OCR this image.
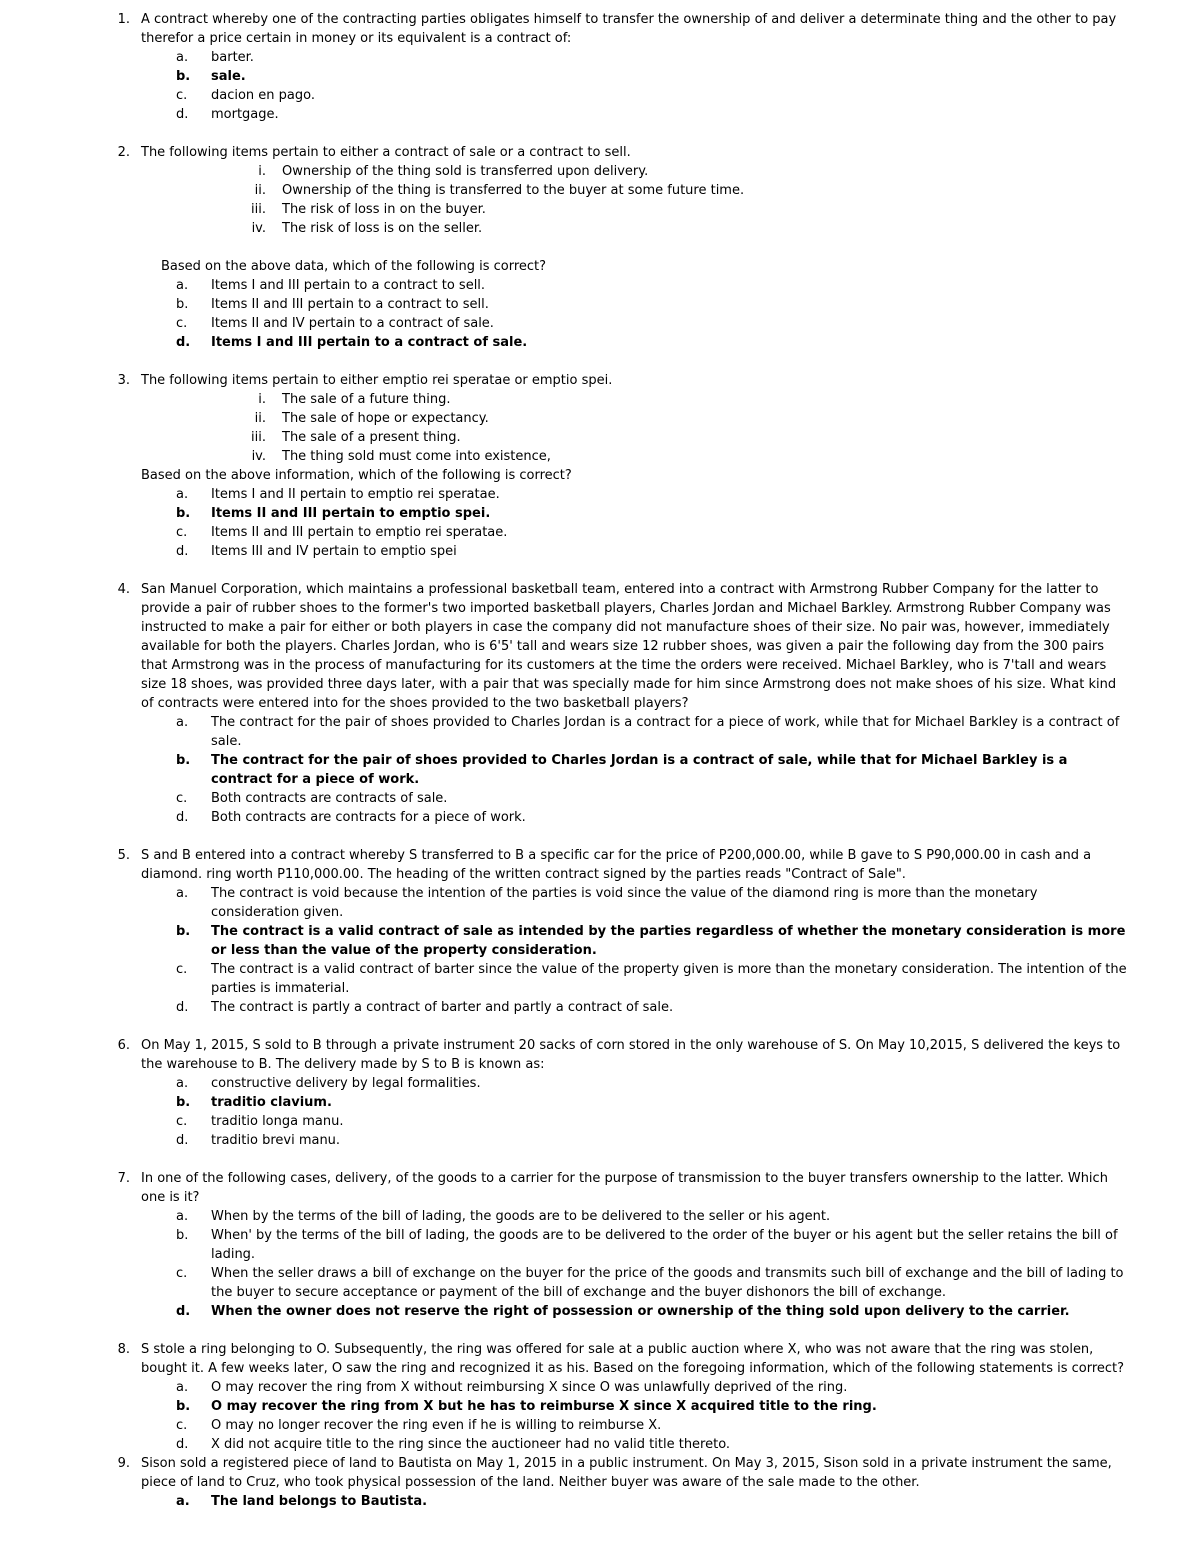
1. A contract whereby one of the contracting parties obligates himself to transfer the ownership of and deliver a determinate thing and the other to pay therefor a price certain in money or its equivalent is a contract of:
a. barter.
b. sale.
c. dacion en pago.
d. mortgage.
2. The following items pertain to either a contract of sale or a contract to sell.
i. Ownership of the thing sold is transferred upon delivery.
ii. Ownership of the thing is transferred to the buyer at some future time.
iii. The risk of loss in on the buyer.
iv. The risk of loss is on the seller.
Based on the above data, which of the following is correct?
a. Items I and III pertain to a contract to sell.
b. Items II and III pertain to a contract to sell.
c. Items II and IV pertain to a contract of sale.
d. Items I and III pertain to a contract of sale.
3. The following items pertain to either emptio rei speratae or emptio spei.
i. The sale of a future thing.
ii. The sale of hope or expectancy.
iii. The sale of a present thing.
iv. The thing sold must come into existence,
Based on the above information, which of the following is correct?
a. Items I and II pertain to emptio rei speratae.
b. Items II and III pertain to emptio spei.
c. Items II and III pertain to emptio rei speratae.
d. Items III and IV pertain to emptio spei
4. San Manuel Corporation, which maintains a professional basketball team, entered into a contract with Armstrong Rubber Company for the latter to provide a pair of rubber shoes to the former's two imported basketball players, Charles Jordan and Michael Barkley. Armstrong Rubber Company was instructed to make a pair for either or both players in case the company did not manufacture shoes of their size. No pair was, however, immediately available for both the players. Charles Jordan, who is 6'5' tall and wears size 12 rubber shoes, was given a pair the following day from the 300 pairs that Armstrong was in the process of manufacturing for its customers at the time the orders were received. Michael Barkley, who is 7'tall and wears size 18 shoes, was provided three days later, with a pair that was specially made for him since Armstrong does not make shoes of his size. What kind of contracts were entered into for the shoes provided to the two basketball players?
a. The contract for the pair of shoes provided to Charles Jordan is a contract for a piece of work, while that for Michael Barkley is a contract of sale.
b. The contract for the pair of shoes provided to Charles Jordan is a contract of sale, while that for Michael Barkley is a contract for a piece of work.
c. Both contracts are contracts of sale.
d. Both contracts are contracts for a piece of work.
5. S and B entered into a contract whereby S transferred to B a specific car for the price of P200,000.00, while B gave to S P90,000.00 in cash and a diamond. ring worth P110,000.00. The heading of the written contract signed by the parties reads "Contract of Sale".
a. The contract is void because the intention of the parties is void since the value of the diamond ring is more than the monetary consideration given.
b. The contract is a valid contract of sale as intended by the parties regardless of whether the monetary consideration is more or less than the value of the property consideration.
c. The contract is a valid contract of barter since the value of the property given is more than the monetary consideration. The intention of the parties is immaterial.
d. The contract is partly a contract of barter and partly a contract of sale.
6. On May 1, 2015, S sold to B through a private instrument 20 sacks of corn stored in the only warehouse of S. On May 10,2015, S delivered the keys to the warehouse to B. The delivery made by S to B is known as:
a. constructive delivery by legal formalities.
b. traditio clavium.
c. traditio longa manu.
d. traditio brevi manu.
7. In one of the following cases, delivery, of the goods to a carrier for the purpose of transmission to the buyer transfers ownership to the latter. Which one is it?
a. When by the terms of the bill of lading, the goods are to be delivered to the seller or his agent.
b. When' by the terms of the bill of lading, the goods are to be delivered to the order of the buyer or his agent but the seller retains the bill of lading.
c. When the seller draws a bill of exchange on the buyer for the price of the goods and transmits such bill of exchange and the bill of lading to the buyer to secure acceptance or payment of the bill of exchange and the buyer dishonors the bill of exchange.
d. When the owner does not reserve the right of possession or ownership of the thing sold upon delivery to the carrier.
8. S stole a ring belonging to O. Subsequently, the ring was offered for sale at a public auction where X, who was not aware that the ring was stolen, bought it. A few weeks later, O saw the ring and recognized it as his. Based on the foregoing information, which of the following statements is correct?
a. O may recover the ring from X without reimbursing X since O was unlawfully deprived of the ring.
b. O may recover the ring from X but he has to reimburse X since X acquired title to the ring.
c. O may no longer recover the ring even if he is willing to reimburse X.
d. X did not acquire title to the ring since the auctioneer had no valid title thereto.
9. Sison sold a registered piece of land to Bautista on May 1, 2015 in a public instrument. On May 3, 2015, Sison sold in a private instrument the same, piece of land to Cruz, who took physical possession of the land. Neither buyer was aware of the sale made to the other.
a. The land belongs to Bautista.
